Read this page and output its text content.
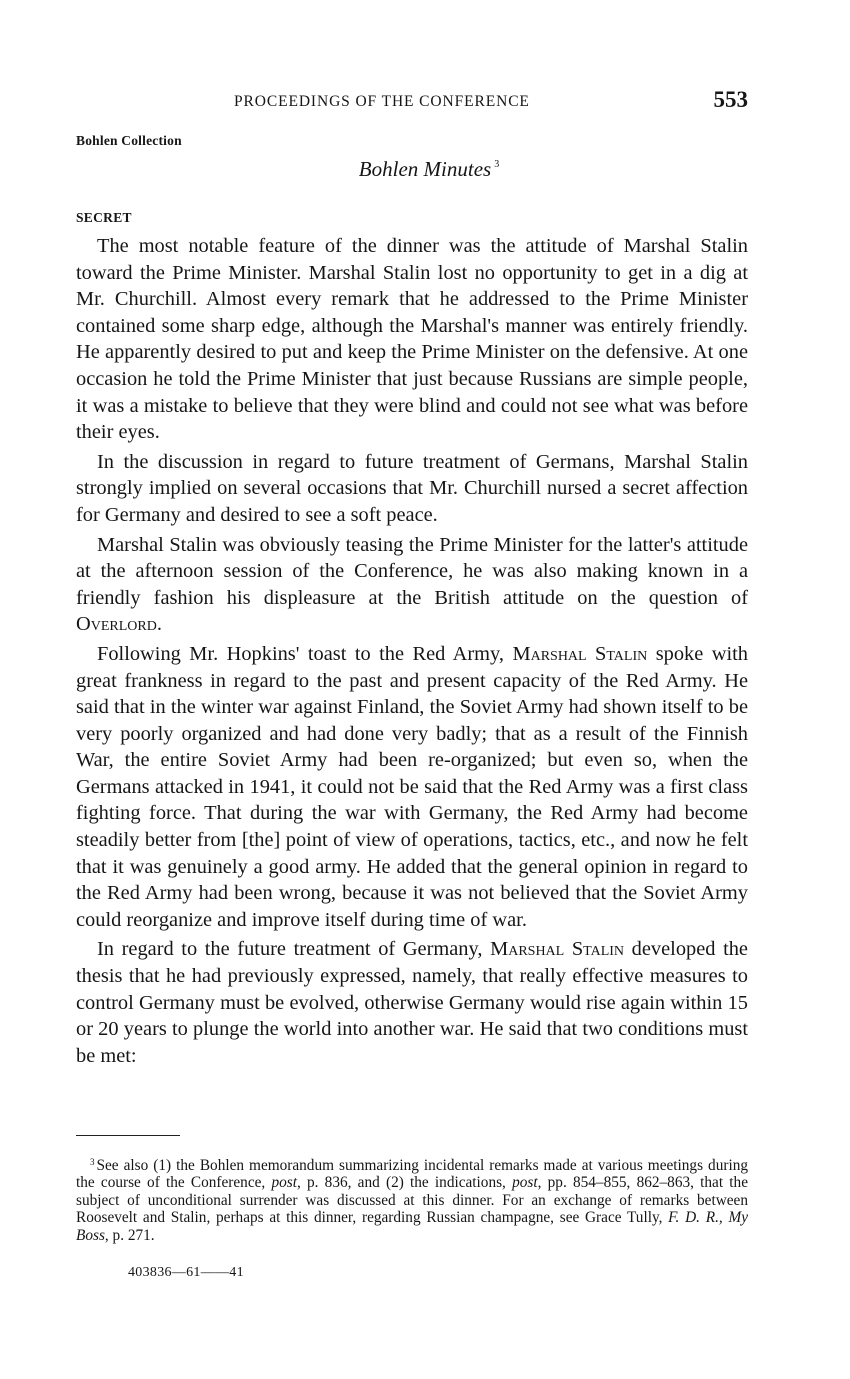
PROCEEDINGS OF THE CONFERENCE	553
Bohlen Collection
Bohlen Minutes $^3$
SECRET

The most notable feature of the dinner was the attitude of Marshal Stalin toward the Prime Minister. Marshal Stalin lost no opportunity to get in a dig at Mr. Churchill. Almost every remark that he addressed to the Prime Minister contained some sharp edge, although the Marshal's manner was entirely friendly. He apparently desired to put and keep the Prime Minister on the defensive. At one occasion he told the Prime Minister that just because Russians are simple people, it was a mistake to believe that they were blind and could not see what was before their eyes.

In the discussion in regard to future treatment of Germans, Marshal Stalin strongly implied on several occasions that Mr. Churchill nursed a secret affection for Germany and desired to see a soft peace.

Marshal Stalin was obviously teasing the Prime Minister for the latter's attitude at the afternoon session of the Conference, he was also making known in a friendly fashion his displeasure at the British attitude on the question of Overlord.

Following Mr. Hopkins' toast to the Red Army, Marshal Stalin spoke with great frankness in regard to the past and present capacity of the Red Army. He said that in the winter war against Finland, the Soviet Army had shown itself to be very poorly organized and had done very badly; that as a result of the Finnish War, the entire Soviet Army had been re-organized; but even so, when the Germans attacked in 1941, it could not be said that the Red Army was a first class fighting force. That during the war with Germany, the Red Army had become steadily better from [the] point of view of operations, tactics, etc., and now he felt that it was genuinely a good army. He added that the general opinion in regard to the Red Army had been wrong, because it was not believed that the Soviet Army could reorganize and improve itself during time of war.

In regard to the future treatment of Germany, Marshal Stalin developed the thesis that he had previously expressed, namely, that really effective measures to control Germany must be evolved, otherwise Germany would rise again within 15 or 20 years to plunge the world into another war. He said that two conditions must be met:

$^3$ See also (1) the Bohlen memorandum summarizing incidental remarks made at various meetings during the course of the Conference, post, p. 836, and (2) the indications, post, pp. 854–855, 862–863, that the subject of unconditional surrender was discussed at this dinner. For an exchange of remarks between Roosevelt and Stalin, perhaps at this dinner, regarding Russian champagne, see Grace Tully, F. D. R., My Boss, p. 271.
403836—61——41
